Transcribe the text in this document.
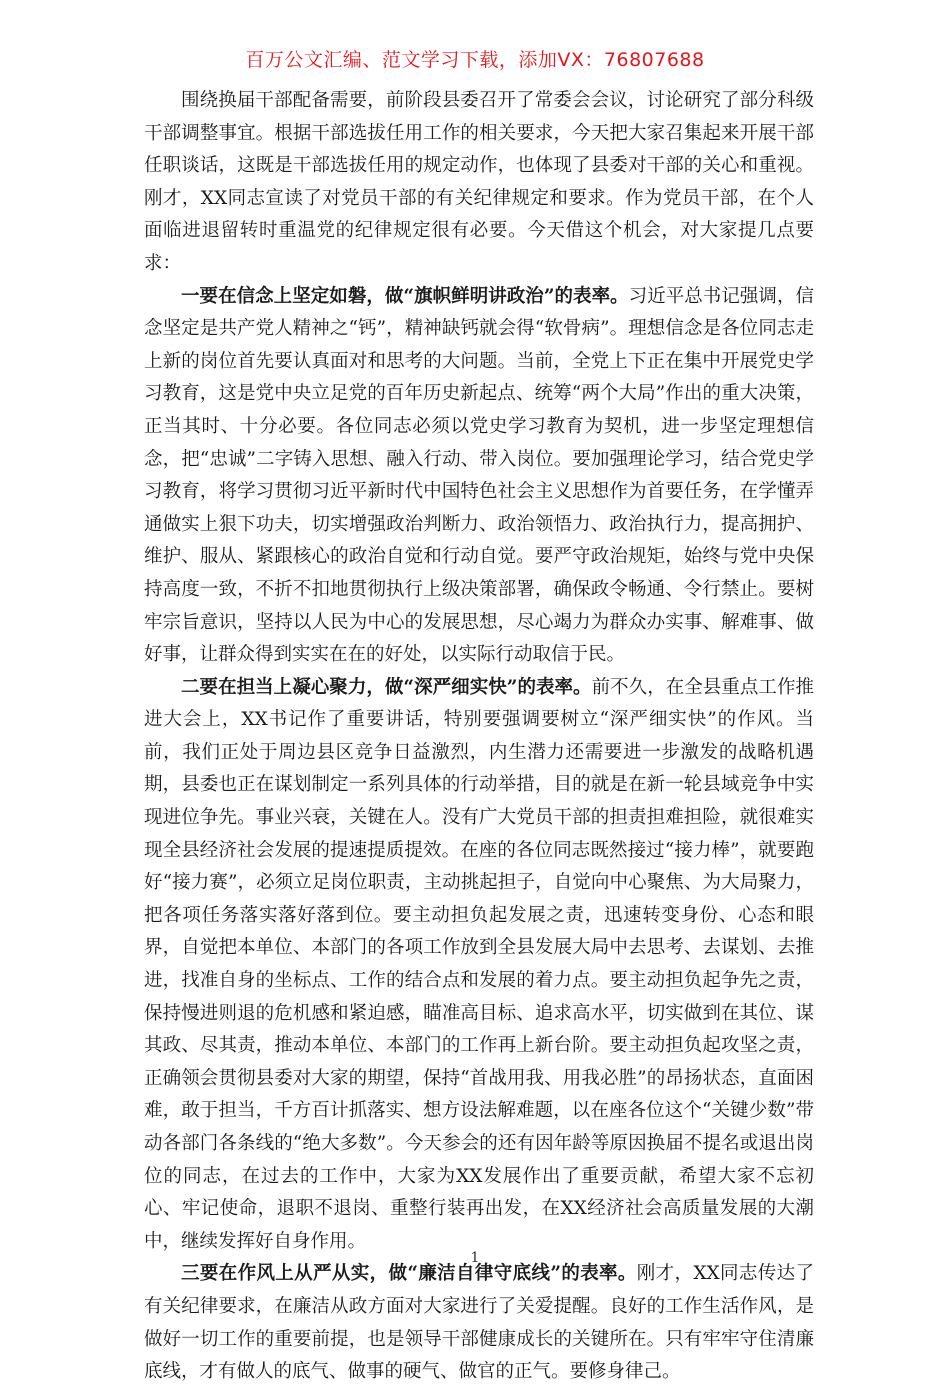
百万公文汇编、范文学习下载，添加VX：76807688

围绕换届干部配备需要，前阶段县委召开了常委会会议，讨论研究了部分科级干部调整事宜。根据干部选拔任用工作的相关要求，今天把大家召集起来开展干部任职谈话，这既是干部选拔任用的规定动作，也体现了县委对干部的关心和重视。刚才，XX同志宣读了对党员干部的有关纪律规定和要求。作为党员干部，在个人面临进退留转时重温党的纪律规定很有必要。今天借这个机会，对大家提几点要求：

一要在信念上坚定如磐，做“旗帜鲜明讲政治”的表率。习近平总书记强调，信念坚定是共产党人精神之“钙”，精神缺钙就会得“软骨病”。理想信念是各位同志走上新的岗位首先要认真面对和思考的大问题。当前，全党上下正在集中开展党史学习教育，这是党中央立足党的百年历史新起点、统筹“两个大局”作出的重大决策，正当其时、十分必要。各位同志必须以党史学习教育为契机，进一步坚定理想信念，把“忠诚”二字铸入思想、融入行动、带入岗位。要加强理论学习，结合党史学习教育，将学习贯彻习近平新时代中国特色社会主义思想作为首要任务，在学懂弄通做实上狠下功夫，切实增强政治判断力、政治领悟力、政治执行力，提高拥护、维护、服从、紧跟核心的政治自觉和行动自觉。要严守政治规矩，始终与党中央保持高度一致，不折不扣地贯彻执行上级决策部署，确保政令畅通、令行禁止。要树牢宗旨意识，坚持以人民为中心的发展思想，尽心竭力为群众办实事、解难事、做好事，让群众得到实实在在的好处，以实际行动取信于民。

二要在担当上凝心聚力，做“深严细实快”的表率。前不久，在全县重点工作推进大会上，XX书记作了重要讲话，特别要强调要树立“深严细实快”的作风。当前，我们正处于周边县区竞争日益激烈，内生潜力还需要进一步激发的战略机遇期，县委也正在谋划制定一系列具体的行动举措，目的就是在新一轮县域竞争中实现进位争先。事业兴衰，关键在人。没有广大党员干部的担责担难担险，就很难实现全县经济社会发展的提速提质提效。在座的各位同志既然接过“接力棒”，就要跑好“接力赛”，必须立足岗位职责，主动挑起担子，自觉向中心聚焦、为大局聚力，把各项任务落实落好落到位。要主动担负起发展之责，迅速转变身份、心态和眼界，自觉把本单位、本部门的各项工作放到全县发展大局中去思考、去谋划、去推进，找准自身的坐标点、工作的结合点和发展的着力点。要主动担负起争先之责，保持慢进则退的危机感和紧迫感，瞄准高目标、追求高水平，切实做到在其位、谋其政、尽其责，推动本单位、本部门的工作再上新台阶。要主动担负起攻坚之责，正确领会贯彻县委对大家的期望，保持“首战用我、用我必胜”的昂扬状态，直面困难，敢于担当，千方百计抓落实、想方设法解难题，以在座各位这个“关键少数”带动各部门各条线的“绝大多数”。今天参会的还有因年龄等原因换届不提名或退出岗位的同志，在过去的工作中，大家为XX发展作出了重要贡献，希望大家不忘初心、牢记使命，退职不退岗、重整行装再出发，在XX经济社会高质量发展的大潮中，继续发挥好自身作用。

三要在作风上从严从实，做“廉洁自律守底线”的表率。刚才，XX同志传达了有关纪律要求，在廉洁从政方面对大家进行了关爱提醒。良好的工作生活作风，是做好一切工作的重要前提，也是领导干部健康成长的关键所在。只有牢牢守住清廉底线，才有做人的底气、做事的硬气、做官的正气。要修身律己。

1
